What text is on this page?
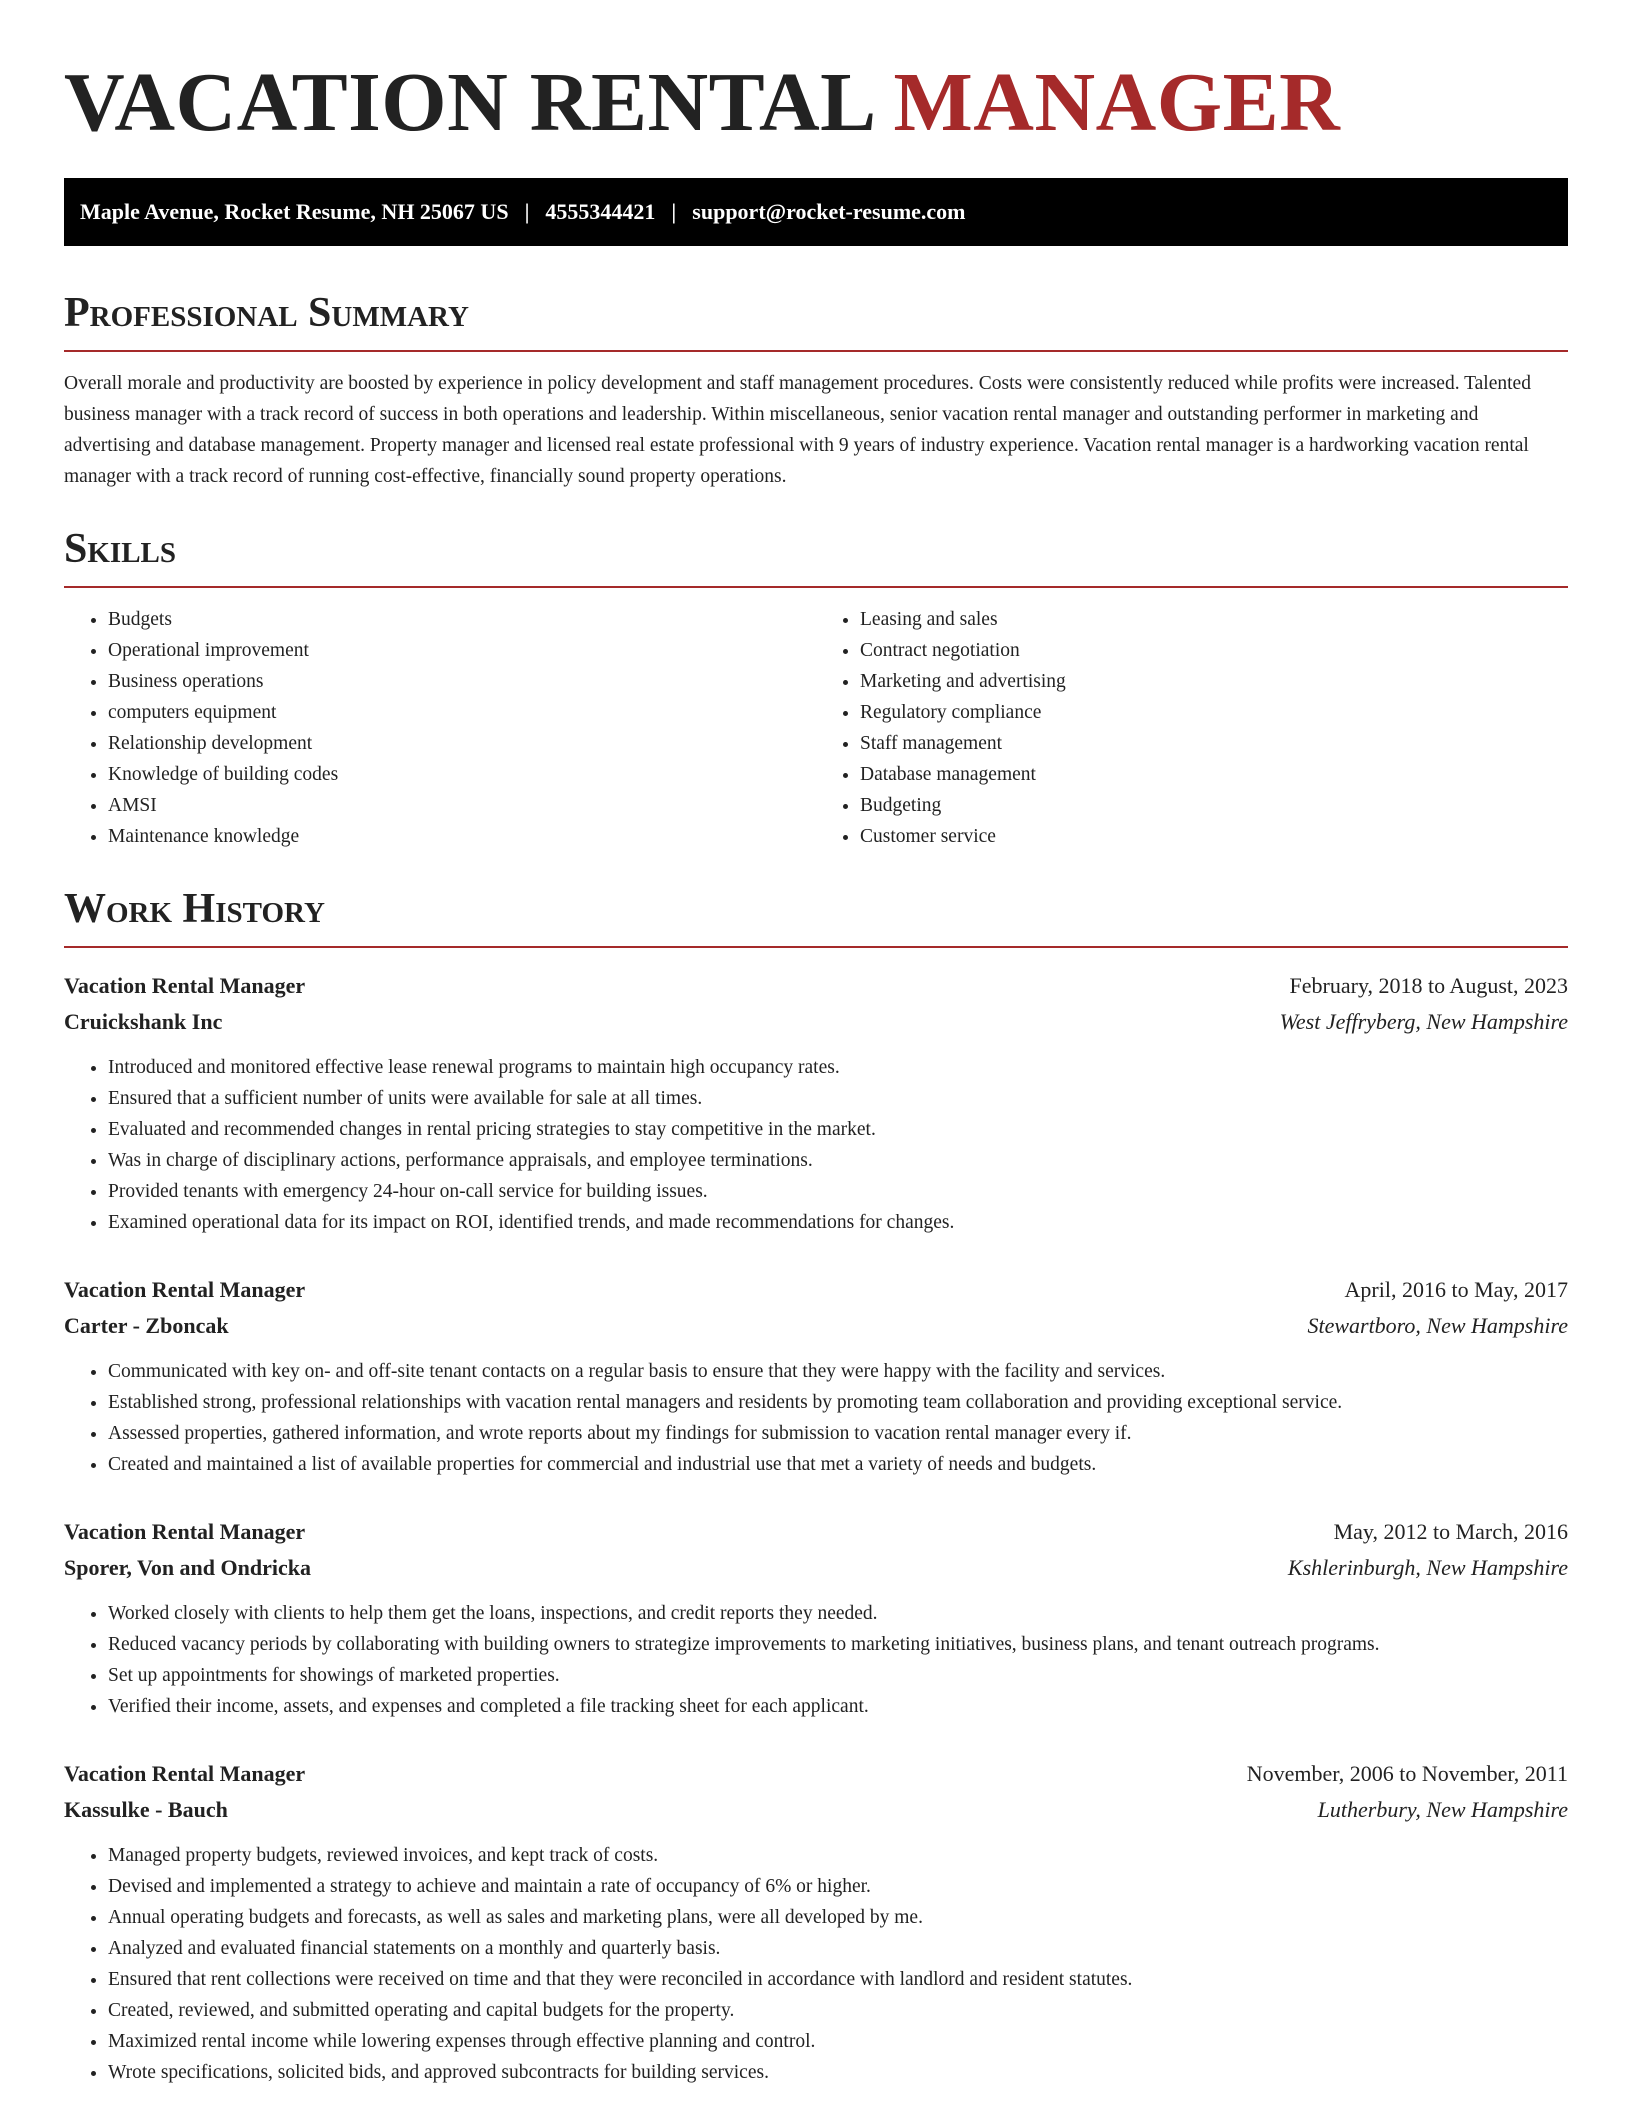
VACATION RENTAL MANAGER
Maple Avenue, Rocket Resume, NH 25067 US | 4555344421 | support@rocket-resume.com
Professional Summary

Overall morale and productivity are boosted by experience in policy development and staff management procedures. Costs were consistently reduced while profits were increased. Talented business manager with a track record of success in both operations and leadership. Within miscellaneous, senior vacation rental manager and outstanding performer in marketing and advertising and database management. Property manager and licensed real estate professional with 9 years of industry experience. Vacation rental manager is a hardworking vacation rental manager with a track record of running cost-effective, financially sound property operations.

Skills
• Budgets
• Operational improvement
• Business operations
• computers equipment
• Relationship development
• Knowledge of building codes
• AMSI
• Maintenance knowledge
• Leasing and sales
• Contract negotiation
• Marketing and advertising
• Regulatory compliance
• Staff management
• Database management
• Budgeting
• Customer service
Work History
Vacation Rental Manager	February, 2018 to August, 2023
Cruickshank Inc	West Jeffryberg, New Hampshire
• Introduced and monitored effective lease renewal programs to maintain high occupancy rates.
• Ensured that a sufficient number of units were available for sale at all times.
• Evaluated and recommended changes in rental pricing strategies to stay competitive in the market.
• Was in charge of disciplinary actions, performance appraisals, and employee terminations.
• Provided tenants with emergency 24-hour on-call service for building issues.
• Examined operational data for its impact on ROI, identified trends, and made recommendations for changes.
Vacation Rental Manager	April, 2016 to May, 2017
Carter - Zboncak	Stewartboro, New Hampshire
• Communicated with key on- and off-site tenant contacts on a regular basis to ensure that they were happy with the facility and services.
• Established strong, professional relationships with vacation rental managers and residents by promoting team collaboration and providing exceptional service.
• Assessed properties, gathered information, and wrote reports about my findings for submission to vacation rental manager every if.
• Created and maintained a list of available properties for commercial and industrial use that met a variety of needs and budgets.
Vacation Rental Manager	May, 2012 to March, 2016
Sporer, Von and Ondricka	Kshlerinburgh, New Hampshire
• Worked closely with clients to help them get the loans, inspections, and credit reports they needed.
• Reduced vacancy periods by collaborating with building owners to strategize improvements to marketing initiatives, business plans, and tenant outreach programs.
• Set up appointments for showings of marketed properties.
• Verified their income, assets, and expenses and completed a file tracking sheet for each applicant.
Vacation Rental Manager	November, 2006 to November, 2011
Kassulke - Bauch	Lutherbury, New Hampshire
• Managed property budgets, reviewed invoices, and kept track of costs.
• Devised and implemented a strategy to achieve and maintain a rate of occupancy of 6% or higher.
• Annual operating budgets and forecasts, as well as sales and marketing plans, were all developed by me.
• Analyzed and evaluated financial statements on a monthly and quarterly basis.
• Ensured that rent collections were received on time and that they were reconciled in accordance with landlord and resident statutes.
• Created, reviewed, and submitted operating and capital budgets for the property.
• Maximized rental income while lowering expenses through effective planning and control.
• Wrote specifications, solicited bids, and approved subcontracts for building services.
